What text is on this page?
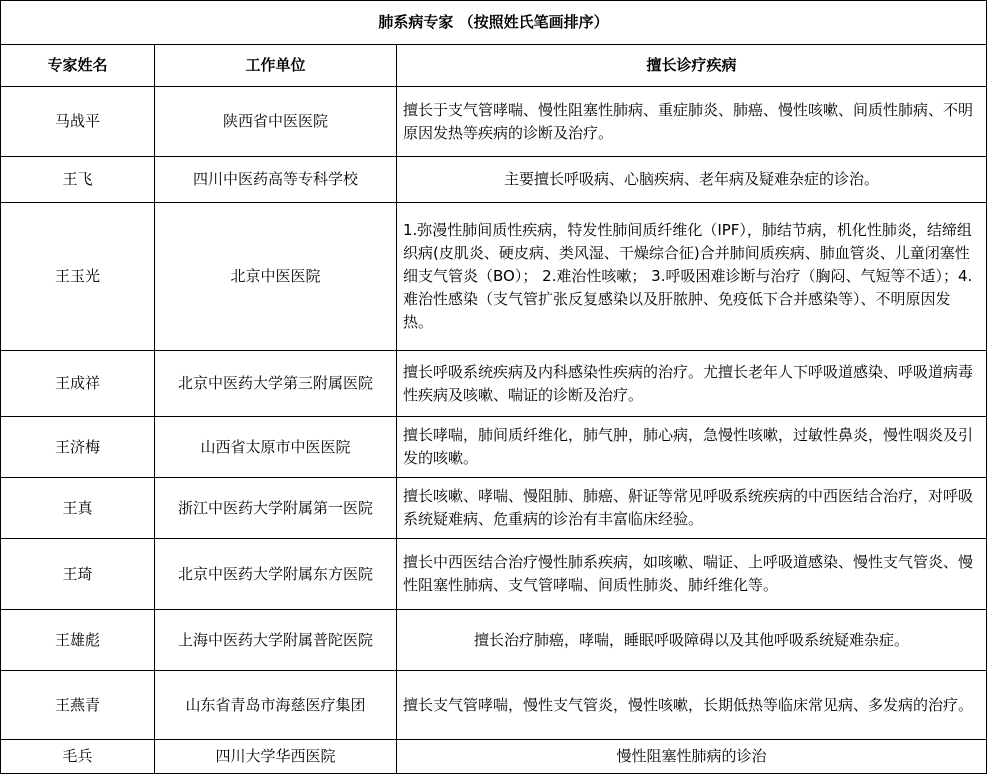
肺系病专家 （按照姓氏笔画排序）		
专家姓名	工作单位	擅长诊疗疾病
马战平	陕西省中医医院	擅长于支气管哮喘、慢性阻塞性肺病、重症肺炎、肺癌、慢性咳嗽、间质性肺病、不明原因发热等疾病的诊断及治疗。
王飞	四川中医药高等专科学校	主要擅长呼吸病、心脑疾病、老年病及疑难杂症的诊治。
王玉光	北京中医医院	1.弥漫性肺间质性疾病，特发性肺间质纤维化（IPF），肺结节病，机化性肺炎，结缔组织病(皮肌炎、硬皮病、类风湿、干燥综合征)合并肺间质疾病、肺血管炎、儿童闭塞性细支气管炎（BO）； 2.难治性咳嗽； 3.呼吸困难诊断与治疗（胸闷、气短等不适）；4.难治性感染（支气管扩张反复感染以及肝脓肿、免疫低下合并感染等）、不明原因发热。
王成祥	北京中医药大学第三附属医院	擅长呼吸系统疾病及内科感染性疾病的治疗。尤擅长老年人下呼吸道感染、呼吸道病毒性疾病及咳嗽、喘证的诊断及治疗。
王济梅	山西省太原市中医医院	擅长哮喘，肺间质纤维化，肺气肿，肺心病，急慢性咳嗽，过敏性鼻炎，慢性咽炎及引发的咳嗽。
王真	浙江中医药大学附属第一医院	擅长咳嗽、哮喘、慢阻肺、肺癌、鼾证等常见呼吸系统疾病的中西医结合治疗，对呼吸系统疑难病、危重病的诊治有丰富临床经验。
王琦	北京中医药大学附属东方医院	擅长中西医结合治疗慢性肺系疾病，如咳嗽、喘证、上呼吸道感染、慢性支气管炎、慢性阻塞性肺病、支气管哮喘、间质性肺炎、肺纤维化等。
王雄彪	上海中医药大学附属普陀医院	擅长治疗肺癌，哮喘，睡眠呼吸障碍以及其他呼吸系统疑难杂症。
王燕青	山东省青岛市海慈医疗集团	擅长支气管哮喘，慢性支气管炎，慢性咳嗽，长期低热等临床常见病、多发病的治疗。
毛兵	四川大学华西医院	慢性阻塞性肺病的诊治
